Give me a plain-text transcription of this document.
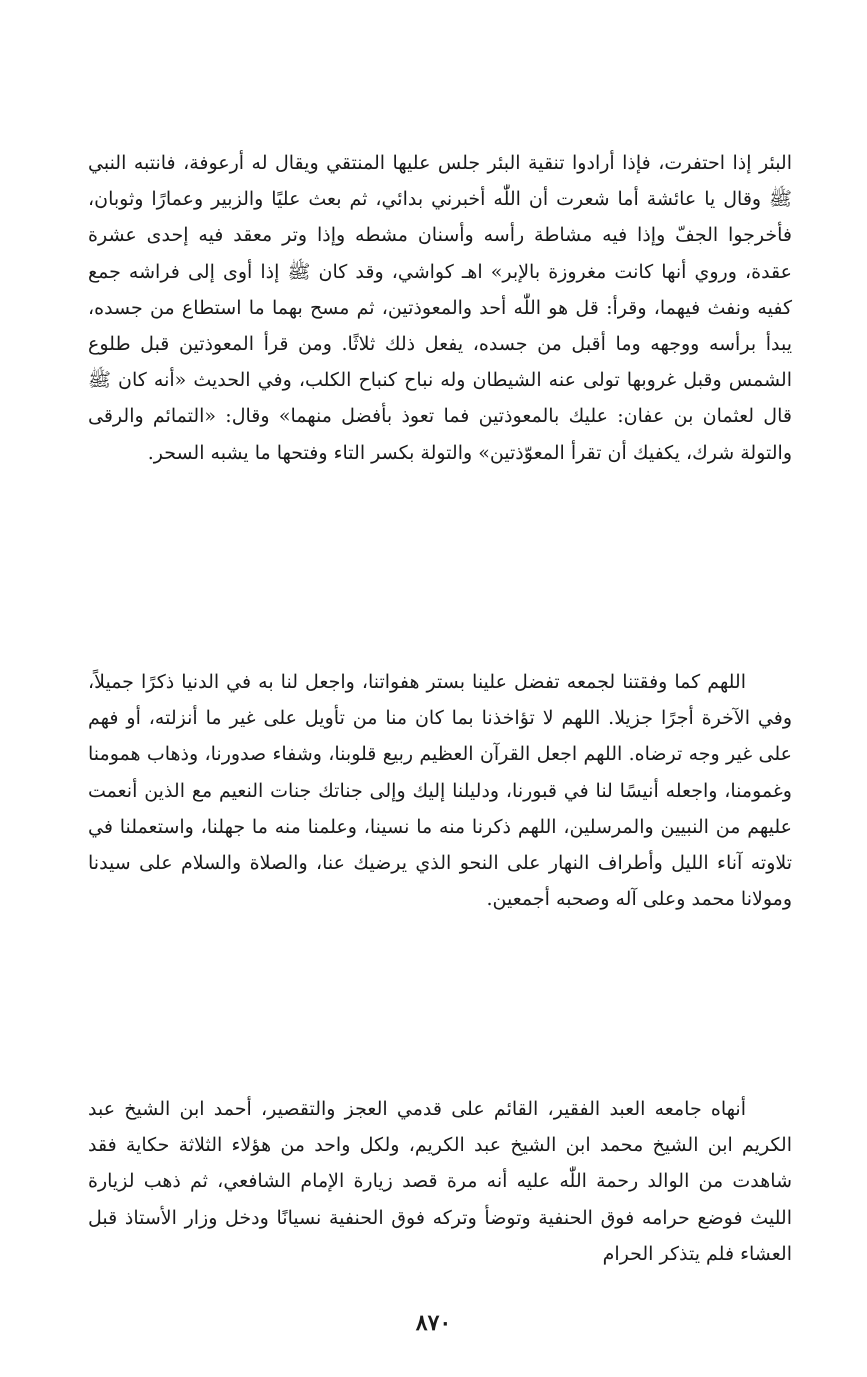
البئر إذا احتفرت، فإذا أرادوا تنقية البئر جلس عليها المنتقي ويقال له أرعوفة، فانتبه النبي ﷺ وقال يا عائشة أما شعرت أن اللّٰه أخبرني بدائي، ثم بعث عليًا والزبير وعمارًا وثوبان، فأخرجوا الجفّ وإذا فيه مشاطة رأسه وأسنان مشطه وإذا وتر معقد فيه إحدى عشرة عقدة، وروي أنها كانت مغروزة بالإبر» اهـ كواشي، وقد كان ﷺ إذا أوى إلى فراشه جمع كفيه ونفث فيهما، وقرأ: قل هو اللّٰه أحد والمعوذتين، ثم مسح بهما ما استطاع من جسده، يبدأ برأسه ووجهه وما أقبل من جسده، يفعل ذلك ثلاثًا. ومن قرأ المعوذتين قبل طلوع الشمس وقبل غروبها تولى عنه الشيطان وله نباح كنباح الكلب، وفي الحديث «أنه كان ﷺ قال لعثمان بن عفان: عليك بالمعوذتين فما تعوذ بأفضل منهما» وقال: «التمائم والرقى والتولة شرك، يكفيك أن تقرأ المعوّذتين» والتولة بكسر التاء وفتحها ما يشبه السحر.

اللهم كما وفقتنا لجمعه تفضل علينا بستر هفواتنا، واجعل لنا به في الدنيا ذكرًا جميلاً، وفي الآخرة أجرًا جزيلا. اللهم لا تؤاخذنا بما كان منا من تأويل على غير ما أنزلته، أو فهم على غير وجه ترضاه. اللهم اجعل القرآن العظيم ربيع قلوبنا، وشفاء صدورنا، وذهاب همومنا وغمومنا، واجعله أنيسًا لنا في قبورنا، ودليلنا إليك وإلى جناتك جنات النعيم مع الذين أنعمت عليهم من النبيين والمرسلين، اللهم ذكرنا منه ما نسينا، وعلمنا منه ما جهلنا، واستعملنا في تلاوته آناء الليل وأطراف النهار على النحو الذي يرضيك عنا، والصلاة والسلام على سيدنا ومولانا محمد وعلى آله وصحبه أجمعين.

أنهاه جامعه العبد الفقير، القائم على قدمي العجز والتقصير، أحمد ابن الشيخ عبد الكريم ابن الشيخ محمد ابن الشيخ عبد الكريم، ولكل واحد من هؤلاء الثلاثة حكاية فقد شاهدت من الوالد رحمة اللّٰه عليه أنه مرة قصد زيارة الإمام الشافعي، ثم ذهب لزيارة الليث فوضع حرامه فوق الحنفية وتوضأ وتركه فوق الحنفية نسيانًا ودخل وزار الأستاذ قبل العشاء فلم يتذكر الحرام

٨٧٠
